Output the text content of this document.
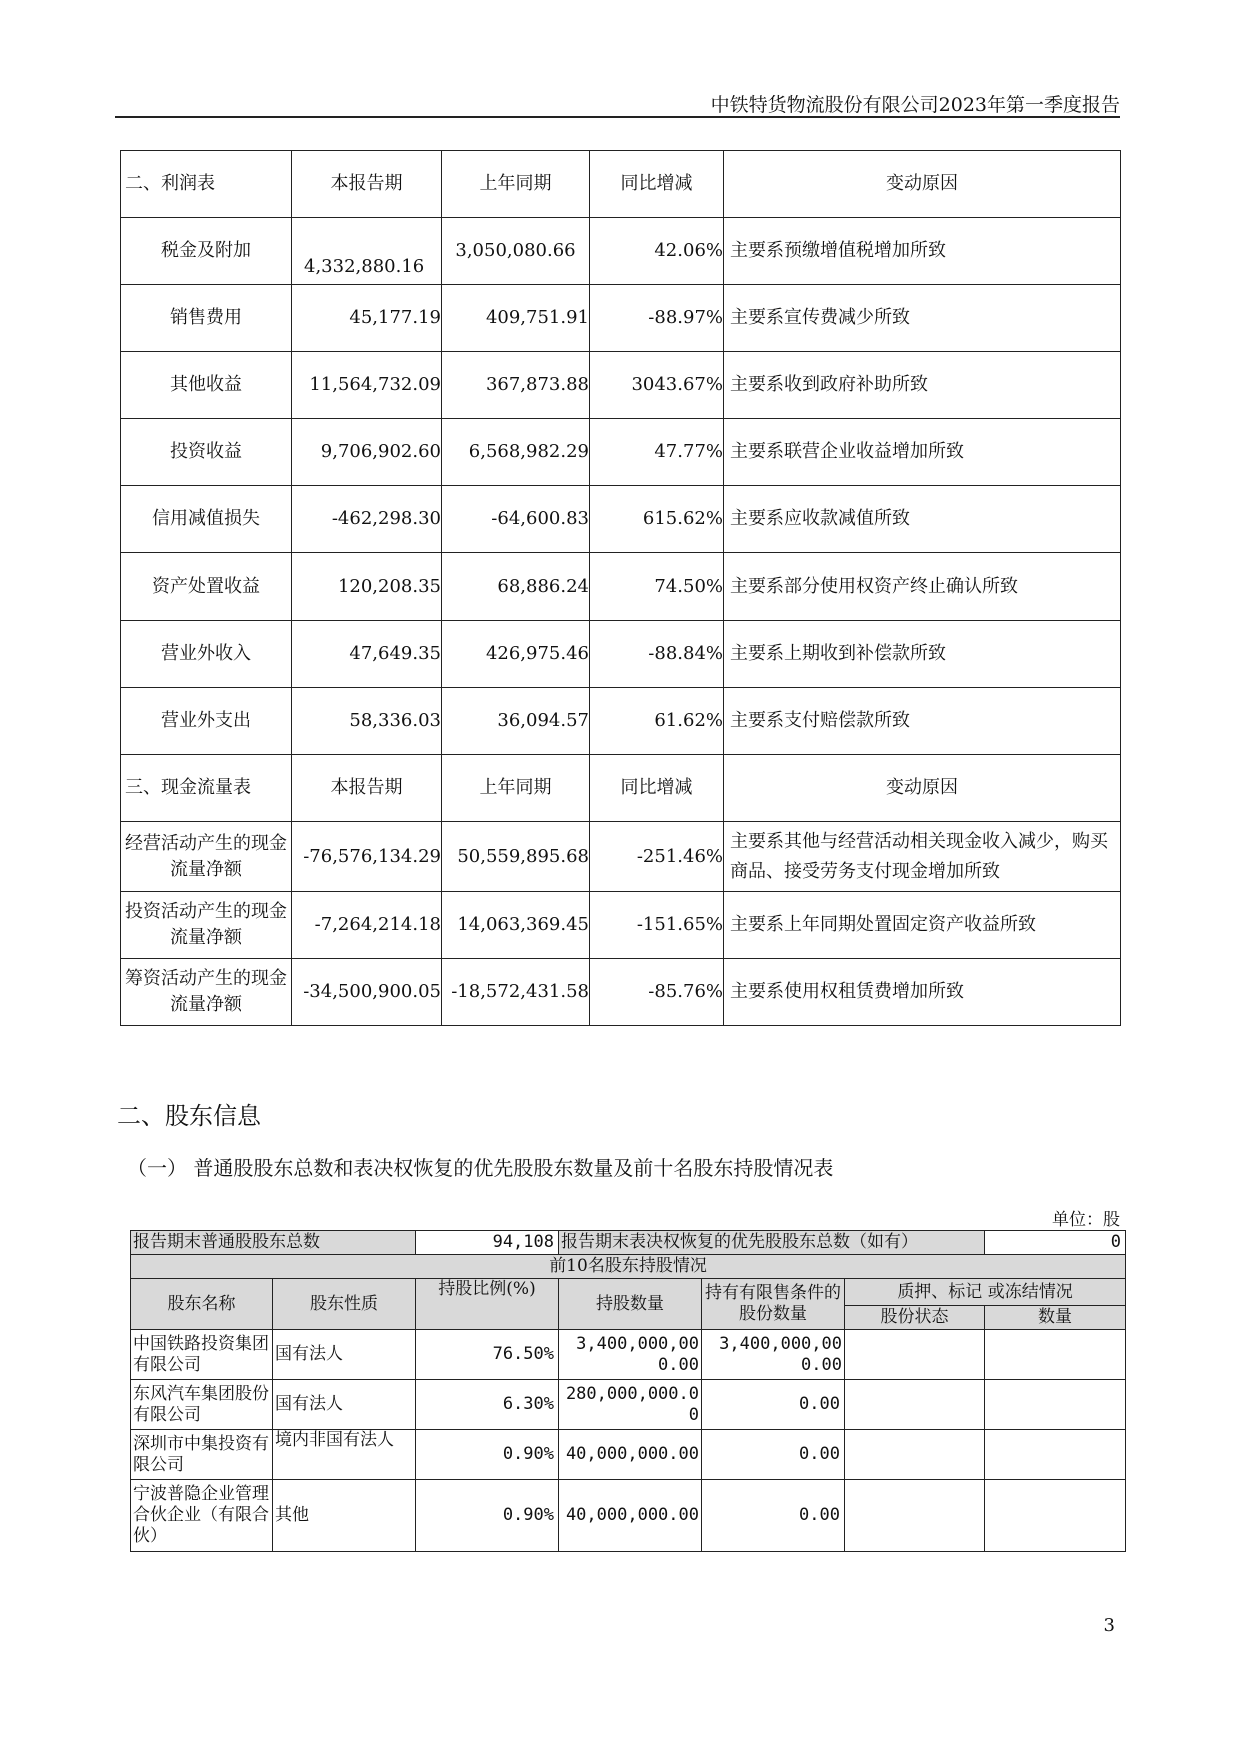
中铁特货物流股份有限公司2023年第一季度报告
二、利润表	本报告期	上年同期	同比增减	变动原因
税金及附加	4,332,880.16	3,050,080.66	42.06%	主要系预缴增值税增加所致
销售费用	45,177.19	409,751.91	-88.97%	主要系宣传费减少所致
其他收益	11,564,732.09	367,873.88	3043.67%	主要系收到政府补助所致
投资收益	9,706,902.60	6,568,982.29	47.77%	主要系联营企业收益增加所致
信用减值损失	-462,298.30	-64,600.83	615.62%	主要系应收款减值所致
资产处置收益	120,208.35	68,886.24	74.50%	主要系部分使用权资产终止确认所致
营业外收入	47,649.35	426,975.46	-88.84%	主要系上期收到补偿款所致
营业外支出	58,336.03	36,094.57	61.62%	主要系支付赔偿款所致
三、现金流量表	本报告期	上年同期	同比增减	变动原因
经营活动产生的现金流量净额	-76,576,134.29	50,559,895.68	-251.46%	主要系其他与经营活动相关现金收入减少，购买商品、接受劳务支付现金增加所致
投资活动产生的现金流量净额	-7,264,214.18	14,063,369.45	-151.65%	主要系上年同期处置固定资产收益所致
筹资活动产生的现金流量净额	-34,500,900.05	-18,572,431.58	-85.76%	主要系使用权租赁费增加所致
二、股东信息
（一） 普通股股东总数和表决权恢复的优先股股东数量及前十名股东持股情况表
单位：股
报告期末普通股股东总数		94,108	报告期末表决权恢复的优先股股东总数（如有）			0
前10名股东持股情况						
股东名称	股东性质	持股比例(%)	持股数量	持有有限售条件的股份数量	质押、标记 或冻结情况	
					股份状态	数量
中国铁路投资集团有限公司	国有法人	76.50%	3,400,000,000.00	3,400,000,000.00		
东风汽车集团股份有限公司	国有法人	6.30%	280,000,000.00	0.00		
深圳市中集投资有限公司	境内非国有法人	0.90%	40,000,000.00	0.00		
宁波普隐企业管理合伙企业（有限合伙）	其他	0.90%	40,000,000.00	0.00		
3
